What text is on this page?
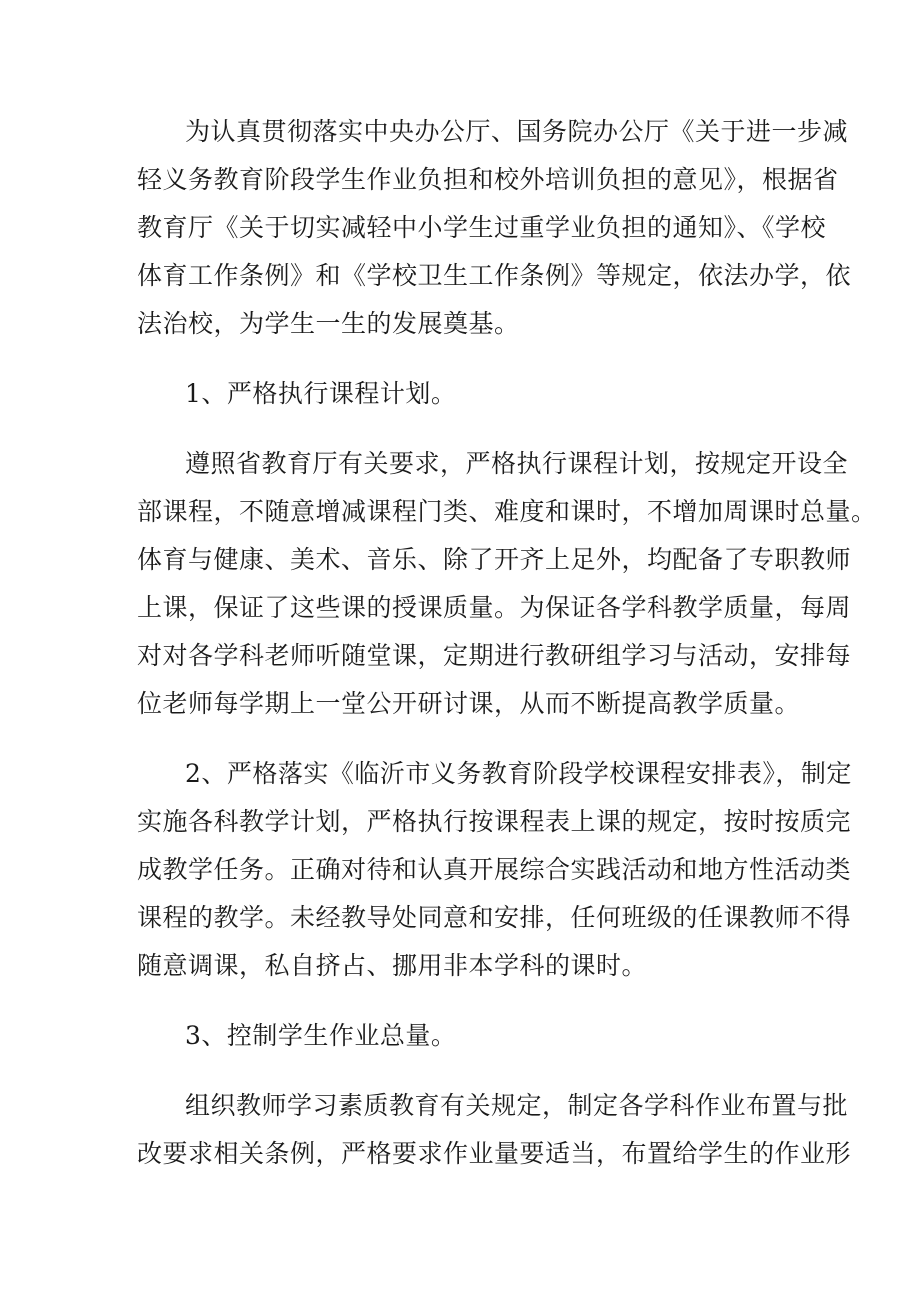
为认真贯彻落实中央办公厅、国务院办公厅《关于进一步减
轻义务教育阶段学生作业负担和校外培训负担的意见》，根据省
教育厅《关于切实减轻中小学生过重学业负担的通知》、《学校
体育工作条例》和《学校卫生工作条例》等规定，依法办学，依
法治校，为学生一生的发展奠基。
1、严格执行课程计划。
遵照省教育厅有关要求，严格执行课程计划，按规定开设全
部课程，不随意增减课程门类、难度和课时，不增加周课时总量。
体育与健康、美术、音乐、除了开齐上足外，均配备了专职教师
上课，保证了这些课的授课质量。为保证各学科教学质量，每周
对对各学科老师听随堂课，定期进行教研组学习与活动，安排每
位老师每学期上一堂公开研讨课，从而不断提高教学质量。
2、严格落实《临沂市义务教育阶段学校课程安排表》，制定
实施各科教学计划，严格执行按课程表上课的规定，按时按质完
成教学任务。正确对待和认真开展综合实践活动和地方性活动类
课程的教学。未经教导处同意和安排，任何班级的任课教师不得
随意调课，私自挤占、挪用非本学科的课时。
3、控制学生作业总量。
组织教师学习素质教育有关规定，制定各学科作业布置与批
改要求相关条例，严格要求作业量要适当，布置给学生的作业形
